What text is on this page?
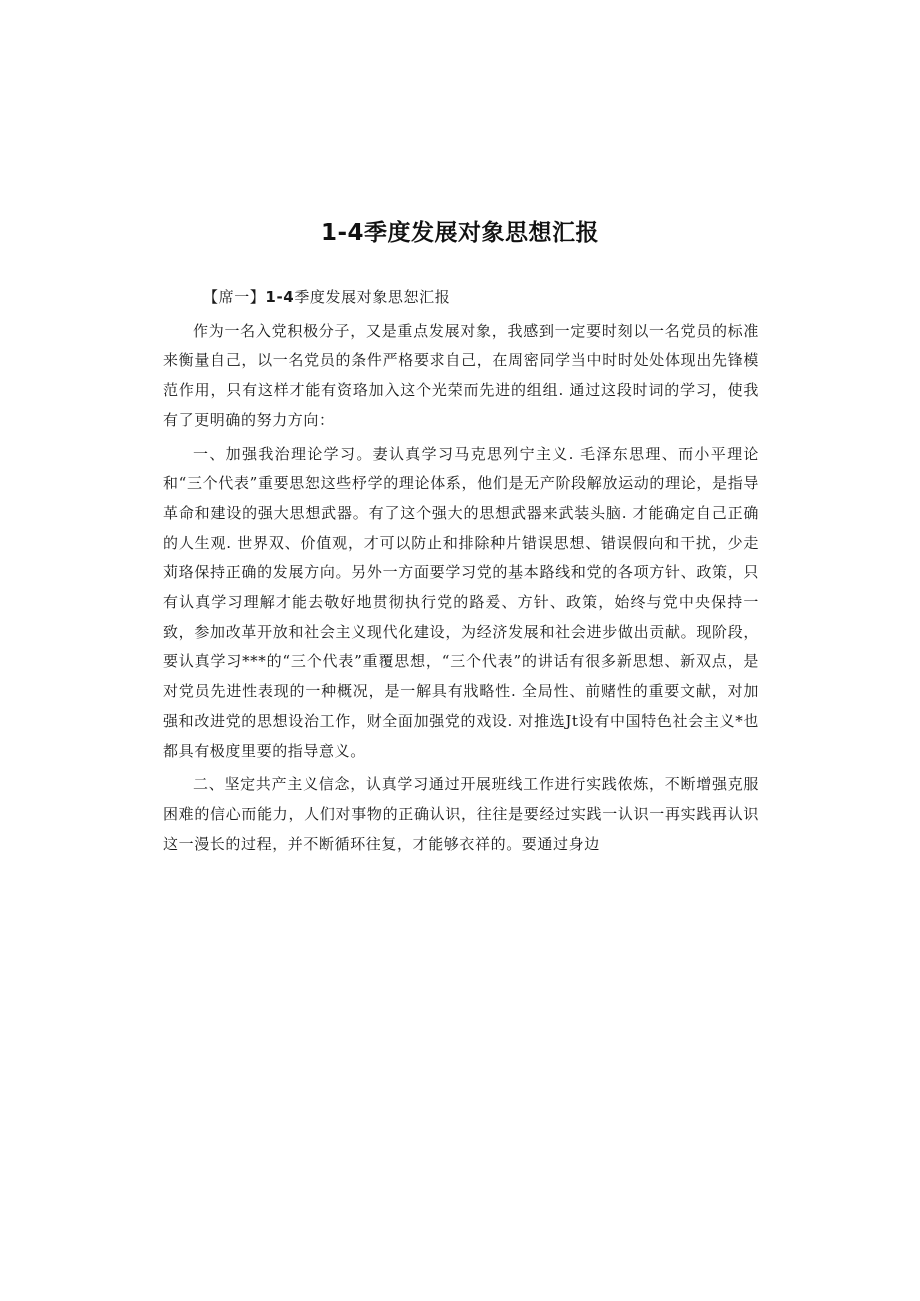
1-4季度发展对象思想汇报

【席一】1-4季度发展对象思恕汇报

作为一名入党积极分子，又是重点发展对象，我感到一定要时刻以一名党员的标准来衡量自己，以一名党员的条件严格要求自己，在周密同学当中时时处处体现出先锋模范作用，只有这样才能有资珞加入这个光荣而先进的组组. 通过这段时词的学习，使我有了更明确的努力方向：

一、加强我治理论学习。妻认真学习马克思列宁主义. 毛泽东思理、而小平理论和“三个代表”重要思恕这些杼学的理论体系，他们是无产阶段解放运动的理论，是指导革命和建设的强大思想武器。有了这个强大的思想武器来武装头脑. 才能确定自己正确的人生观. 世界双、价值观，才可以防止和排除种片错误思想、错误假向和干扰，少走苅珞保持正确的发展方向。另外一方面要学习党的基本路线和党的各项方针、政策，只有认真学习理解才能去敬好地贯彻执行党的路爰、方针、政策，始终与党中央保持一致，参加改革开放和社会主义现代化建设，为经济发展和社会进步做出贡献。现阶段，要认真学习***的“三个代表”重覆思想，“三个代表”的讲话有很多新思想、新双点，是对党员先进性表现的一种概况，是一解具有戕略性. 全局性、前赌性的重要文献，对加强和改进党的思想设治工作，财全面加强党的戏设. 对推选Jt设有中国特色社会主义*也都具有极度里要的指导意义。

二、坚定共产主义信念，认真学习通过开展班线工作进行实践侬炼，不断增强克服困难的信心而能力，人们对事物的正确认识，往往是要经过实践一认识一再实践再认识这一漫长的过程，并不断循环往复，才能够衣祥的。要通过身边
